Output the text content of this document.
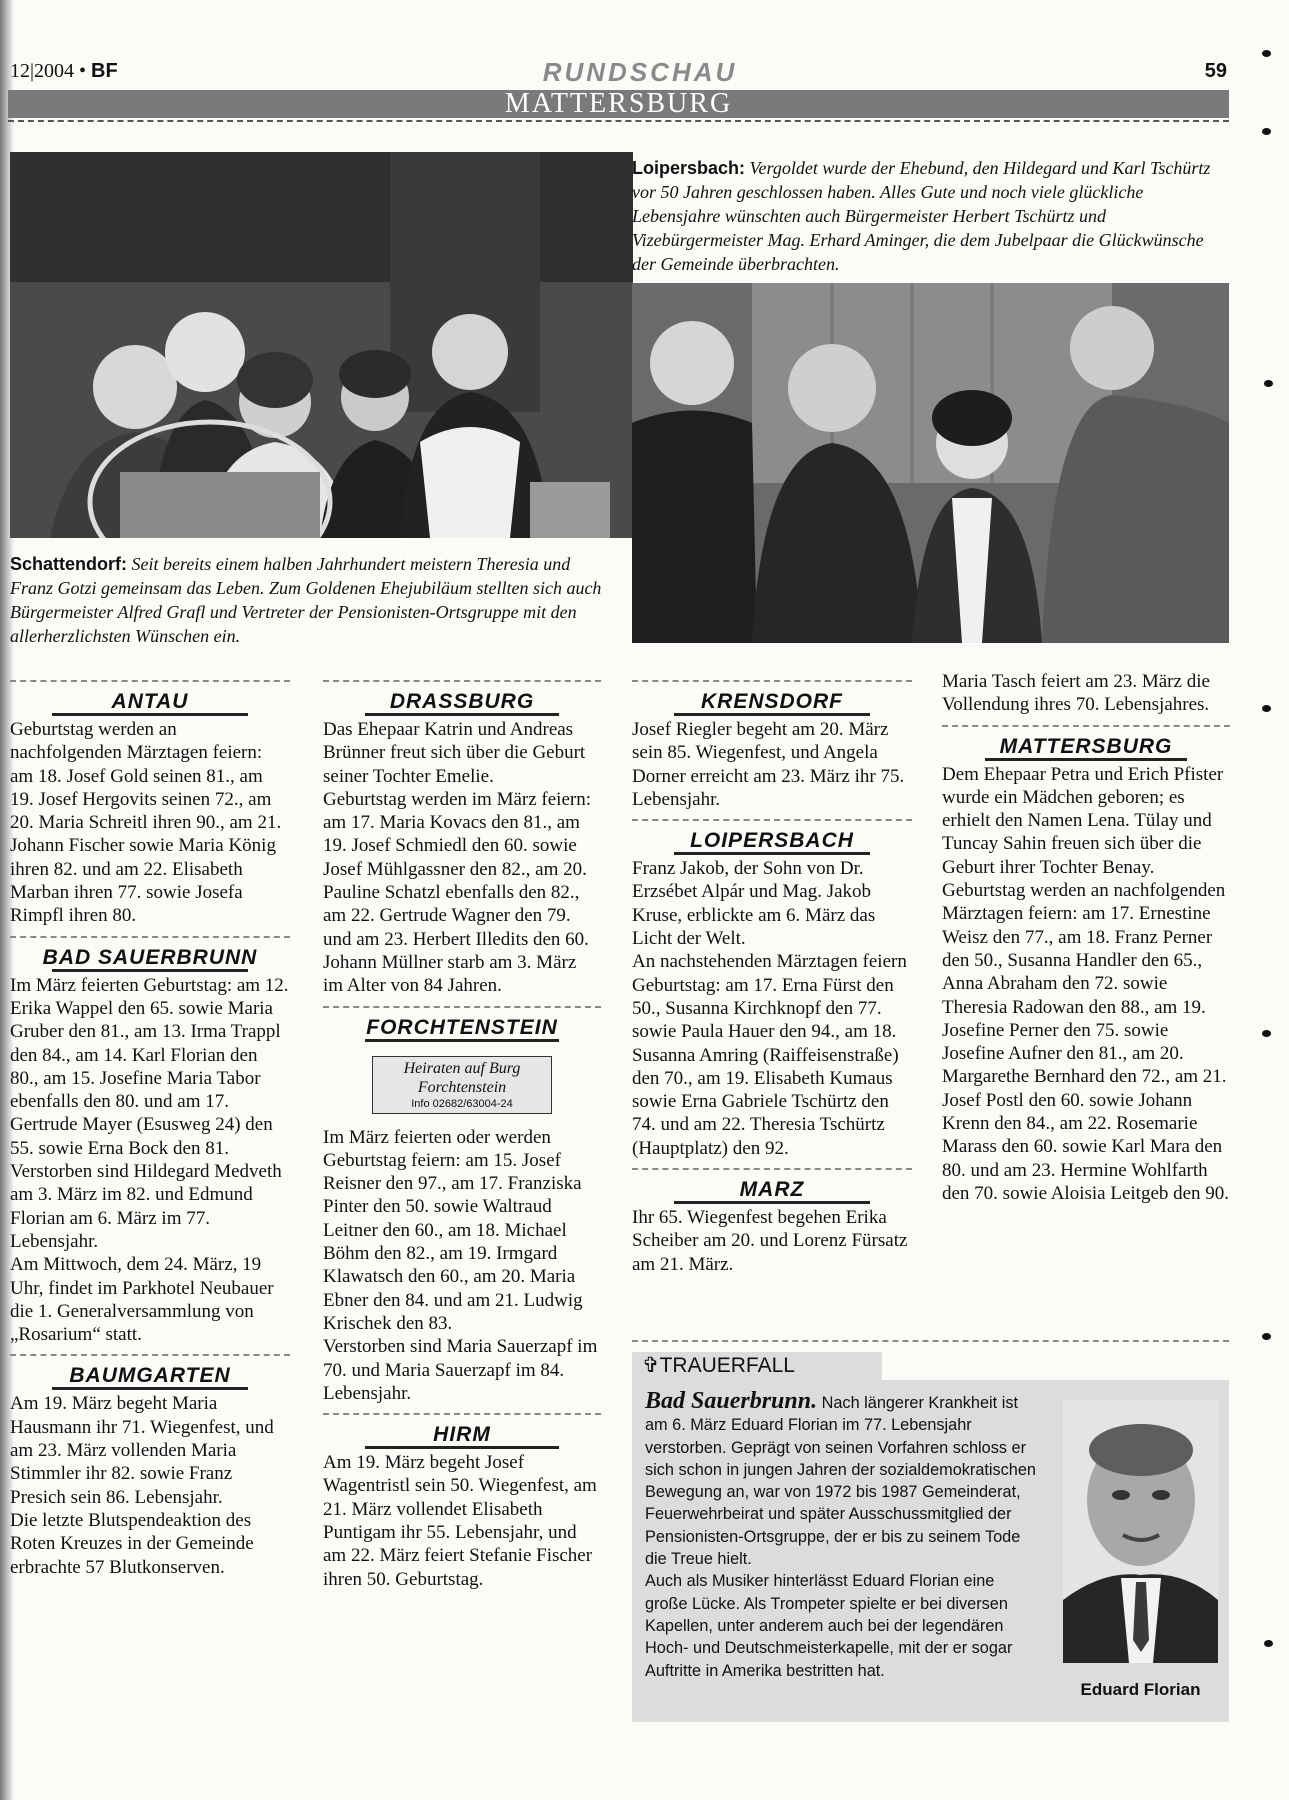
12|2004 • BF	RUNDSCHAU	59
MATTERSBURG
Loipersbach: Vergoldet wurde der Ehebund, den Hildegard und Karl Tschürtz vor 50 Jahren geschlossen haben. Alles Gute und noch viele glückliche Lebensjahre wünschten auch Bürgermeister Herbert Tschürtz und Vizebürgermeister Mag. Erhard Aminger, die dem Jubelpaar die Glückwünsche der Gemeinde überbrachten.
Schattendorf: Seit bereits einem halben Jahrhundert meistern Theresia und Franz Gotzi gemeinsam das Leben. Zum Goldenen Ehejubiläum stellten sich auch Bürgermeister Alfred Grafl und Vertreter der Pensionisten-Ortsgruppe mit den allerherzlichsten Wünschen ein.
ANTAU

Geburtstag werden an nachfolgenden Märztagen feiern: am 18. Josef Gold seinen 81., am 19. Josef Hergovits seinen 72., am 20. Maria Schreitl ihren 90., am 21. Johann Fischer sowie Maria König ihren 82. und am 22. Elisabeth Marban ihren 77. sowie Josefa Rimpfl ihren 80.

BAD SAUERBRUNN

Im März feierten Geburtstag: am 12. Erika Wappel den 65. sowie Maria Gruber den 81., am 13. Irma Trappl den 84., am 14. Karl Florian den 80., am 15. Josefine Maria Tabor ebenfalls den 80. und am 17. Gertrude Mayer (Esusweg 24) den 55. sowie Erna Bock den 81.

Verstorben sind Hildegard Medveth am 3. März im 82. und Edmund Florian am 6. März im 77. Lebensjahr.

Am Mittwoch, dem 24. März, 19 Uhr, findet im Parkhotel Neubauer die 1. Generalversammlung von „Rosarium“ statt.

BAUMGARTEN

Am 19. März begeht Maria Hausmann ihr 71. Wiegenfest, und am 23. März vollenden Maria Stimmler ihr 82. sowie Franz Presich sein 86. Lebensjahr.

Die letzte Blutspendeaktion des Roten Kreuzes in der Gemeinde erbrachte 57 Blutkonserven.

DRASSBURG

Das Ehepaar Katrin und Andreas Brünner freut sich über die Geburt seiner Tochter Emelie.

Geburtstag werden im März feiern: am 17. Maria Kovacs den 81., am 19. Josef Schmiedl den 60. sowie Josef Mühlgassner den 82., am 20. Pauline Schatzl ebenfalls den 82., am 22. Gertrude Wagner den 79. und am 23. Herbert Illedits den 60.

Johann Müllner starb am 3. März im Alter von 84 Jahren.

FORCHTENSTEIN
Heiraten auf Burg
Forchtenstein
Info 02682/63004-24

Im März feierten oder werden Geburtstag feiern: am 15. Josef Reisner den 97., am 17. Franziska Pinter den 50. sowie Waltraud Leitner den 60., am 18. Michael Böhm den 82., am 19. Irmgard Klawatsch den 60., am 20. Maria Ebner den 84. und am 21. Ludwig Krischek den 83.

Verstorben sind Maria Sauerzapf im 70. und Maria Sauerzapf im 84. Lebensjahr.

HIRM

Am 19. März begeht Josef Wagentristl sein 50. Wiegenfest, am 21. März vollendet Elisabeth Puntigam ihr 55. Lebensjahr, und am 22. März feiert Stefanie Fischer ihren 50. Geburtstag.

KRENSDORF

Josef Riegler begeht am 20. März sein 85. Wiegenfest, und Angela Dorner erreicht am 23. März ihr 75. Lebensjahr.

LOIPERSBACH

Franz Jakob, der Sohn von Dr. Erzsébet Alpár und Mag. Jakob Kruse, erblickte am 6. März das Licht der Welt.

An nachstehenden Märztagen feiern Geburtstag: am 17. Erna Fürst den 50., Susanna Kirchknopf den 77. sowie Paula Hauer den 94., am 18. Susanna Amring (Raiffeisenstraße) den 70., am 19. Elisabeth Kumaus sowie Erna Gabriele Tschürtz den 74. und am 22. Theresia Tschürtz (Hauptplatz) den 92.

MARZ

Ihr 65. Wiegenfest begehen Erika Scheiber am 20. und Lorenz Fürsatz am 21. März.

Maria Tasch feiert am 23. März die Vollendung ihres 70. Lebensjahres.

MATTERSBURG

Dem Ehepaar Petra und Erich Pfister wurde ein Mädchen geboren; es erhielt den Namen Lena. Tülay und Tuncay Sahin freuen sich über die Geburt ihrer Tochter Benay.

Geburtstag werden an nachfolgenden Märztagen feiern: am 17. Ernestine Weisz den 77., am 18. Franz Perner den 50., Susanna Handler den 65., Anna Abraham den 72. sowie Theresia Radowan den 88., am 19. Josefine Perner den 75. sowie Josefine Aufner den 81., am 20. Margarethe Bernhard den 72., am 21. Josef Postl den 60. sowie Johann Krenn den 84., am 22. Rosemarie Marass den 60. sowie Karl Mara den 80. und am 23. Hermine Wohlfarth den 70. sowie Aloisia Leitgeb den 90.

✞TRAUERFALL
Bad Sauerbrunn. Nach längerer Krankheit ist am 6. März Eduard Florian im 77. Lebensjahr verstorben. Geprägt von seinen Vorfahren schloss er sich schon in jungen Jahren der sozialdemokratischen Bewegung an, war von 1972 bis 1987 Gemeinderat, Feuerwehrbeirat und später Ausschussmitglied der Pensionisten-Ortsgruppe, der er bis zu seinem Tode die Treue hielt.
Auch als Musiker hinterlässt Eduard Florian eine große Lücke. Als Trompeter spielte er bei diversen Kapellen, unter anderem auch bei der legendären Hoch- und Deutschmeisterkapelle, mit der er sogar Auftritte in Amerika bestritten hat.
Eduard Florian
